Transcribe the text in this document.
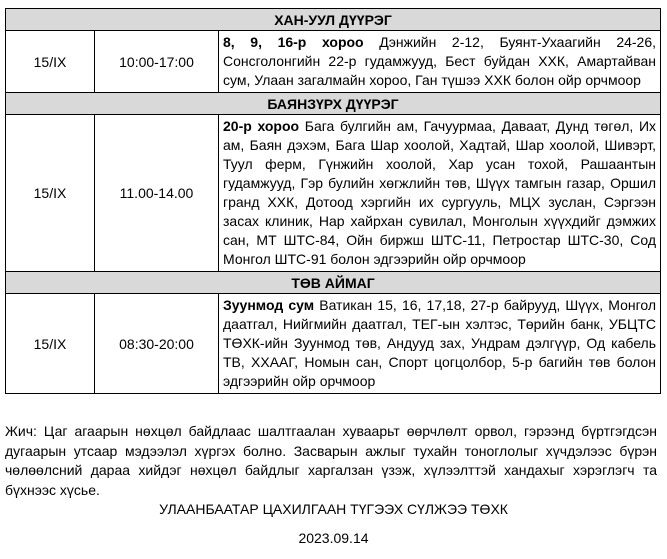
ХАН-УУЛ ДҮҮРЭГ		
15/IX	10:00-17:00	8, 9, 16-р хороо Дэнжийн 2-12, Буянт-Ухаагийн 24-26, Сонсголонгийн 22-р гудамжууд, Бест буйдан ХХК, Амартайван сум, Улаан загалмайн хороо, Ган түшээ ХХК болон ойр орчмоор
БАЯНЗҮРХ ДҮҮРЭГ		
15/IX	11.00-14.00	20-р хороо Бага булгийн ам, Гачуурмаа, Даваат, Дунд төгөл, Их ам, Баян дэхэм, Бага Шар хоолой, Хадтай, Шар хоолой, Шивэрт, Туул ферм, Гүнжийн хоолой, Хар усан тохой, Рашаантын гудамжууд, Гэр булийн хөгжлийн төв, Шүүх тамгын газар, Оршил гранд ХХК, Дотоод хэргийн их сургууль, МЦХ зуслан, Сэргээн засах клиник, Нар хайрхан сувилал, Монголын хүүхдийг дэмжих сан, МТ ШТС-84, Ойн биржш ШТС-11, Петростар ШТС-30, Сод Монгол ШТС-91 болон эдгээрийн ойр орчмоор
ТӨВ АЙМАГ		
15/IX	08:30-20:00	Зуунмод сум Ватикан 15, 16, 17,18, 27-р байрууд, Шүүх, Монгол даатгал, Нийгмийн даатгал, ТЕГ-ын хэлтэс, Төрийн банк, УБЦТС ТӨХК-ийн Зуунмод төв, Андууд зах, Ундрам дэлгүүр, Од кабель ТВ, ХХААГ, Номын сан, Спорт цогцолбор, 5-р багийн төв болон эдгээрийн ойр орчмоор
Жич: Цаг агаарын нөхцөл байдлаас шалтгаалан хуваарьт өөрчлөлт орвол, гэрээнд бүртгэгдсэн дугаарын утсаар мэдээлэл хүргэх болно. Засварын ажлыг тухайн тоноглолыг хүчдэлээс бүрэн чөлөөлсний дараа хийдэг нөхцөл байдлыг харгалзан үзэж, хүлээлттэй хандахыг хэрэглэгч та бүхнээс хүсье.
УЛААНБААТАР ЦАХИЛГААН ТҮГЭЭХ СҮЛЖЭЭ ТӨХК
2023.09.14
